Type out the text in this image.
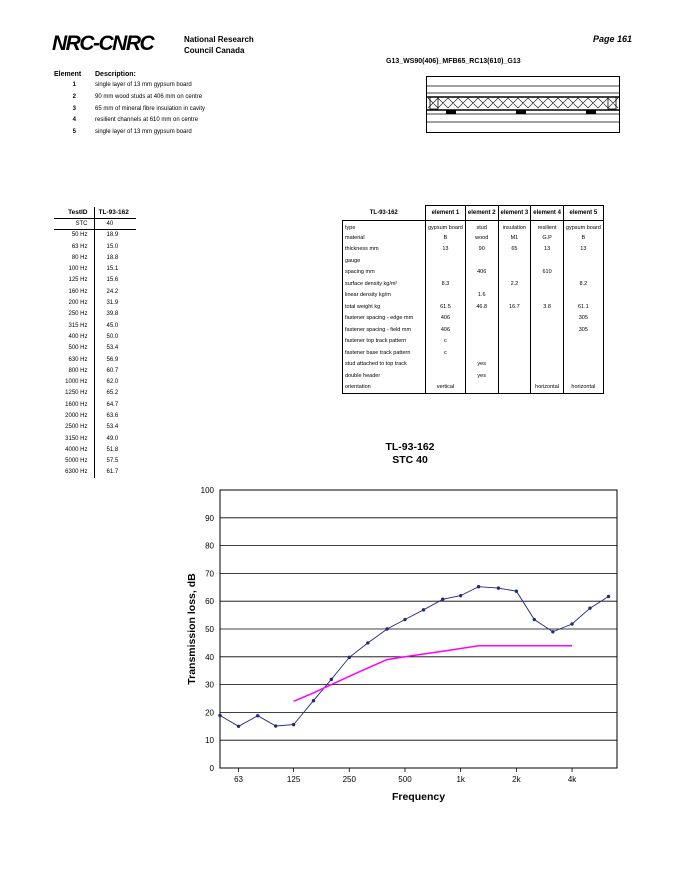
NRC-CNRC	National Research
Council Canada
Page 161
G13_WS90(406)_MFB65_RC13(610)_G13
Element Description:
1	single layer of 13 mm gypsum board
2	90 mm wood studs at 406 mm on centre
3	65 mm of mineral fibre insulation in cavity
4	resilient channels at 610 mm on centre
5	single layer of 13 mm gypsum board
TestID	TL-93-162
STC	40
50 Hz	18.9
63 Hz	15.0
80 Hz	18.8
100 Hz	15.1
125 Hz	15.6
160 Hz	24.2
200 Hz	31.9
250 Hz	39.8
315 Hz	45.0
400 Hz	50.0
500 Hz	53.4
630 Hz	56.9
800 Hz	60.7
1000 Hz	62.0
1250 Hz	65.2
1600 Hz	64.7
2000 Hz	63.6
2500 Hz	53.4
3150 Hz	49.0
4000 Hz	51.8
5000 Hz	57.5
6300 Hz	61.7
TL-93-162	element 1	element 2	element 3	element 4	element 5
type	gypsum board	stud	insulation	resilient	gypsum board
material	B	wood	M1	G.P	B
thickness mm	13	90	65	13	13
gauge					
spacing mm		406		610	
surface density kg/m²	8.3		2.2		8.2
linear density kg/m		1.6			
total weight kg	61.5	46.8	16.7	3.8	61.1
fastener spacing - edge mm	406				305
fastener spacing - field mm	406				305
fastener top track pattern	c				
fastener base track pattern	c				
stud attached to top track		yes			
double header		yes			
orientation	vertical			horizontal	horizontal
TL-93-162
STC 40
0
10
20
30
40
50
60
70
80
90
100
63	125	250	500	1k	2k	4k
Frequency
Transmission loss, dB
